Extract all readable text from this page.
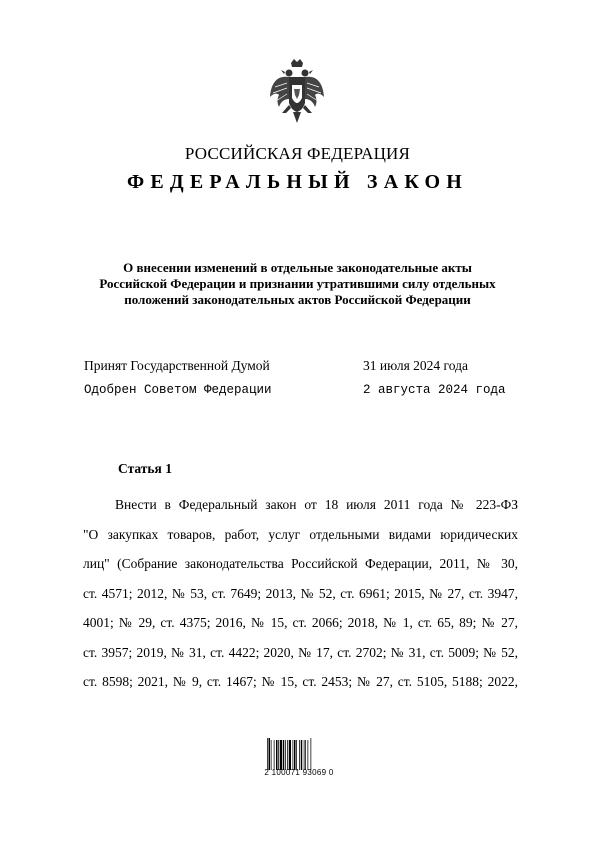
РОССИЙСКАЯ ФЕДЕРАЦИЯ
ФЕДЕРАЛЬНЫЙ ЗАКОН
О внесении изменений в отдельные законодательные акты
Российской Федерации и признании утратившими силу отдельных
положений законодательных актов Российской Федерации
Принят Государственной Думой	31 июля 2024 года
Одобрен Советом Федерации	2 августа 2024 года
Статья 1
Внести в Федеральный закон от 18 июля 2011 года № 223-ФЗ
"О закупках товаров, работ, услуг отдельными видами юридических
лиц" (Собрание законодательства Российской Федерации, 2011, № 30,
ст. 4571; 2012, № 53, ст. 7649; 2013, № 52, ст. 6961; 2015, № 27, ст. 3947,
4001; № 29, ст. 4375; 2016, № 15, ст. 2066; 2018, № 1, ст. 65, 89; № 27,
ст. 3957; 2019, № 31, ст. 4422; 2020, № 17, ст. 2702; № 31, ст. 5009; № 52,
ст. 8598; 2021, № 9, ст. 1467; № 15, ст. 2453; № 27, ст. 5105, 5188; 2022,
2 100071 93069 0
